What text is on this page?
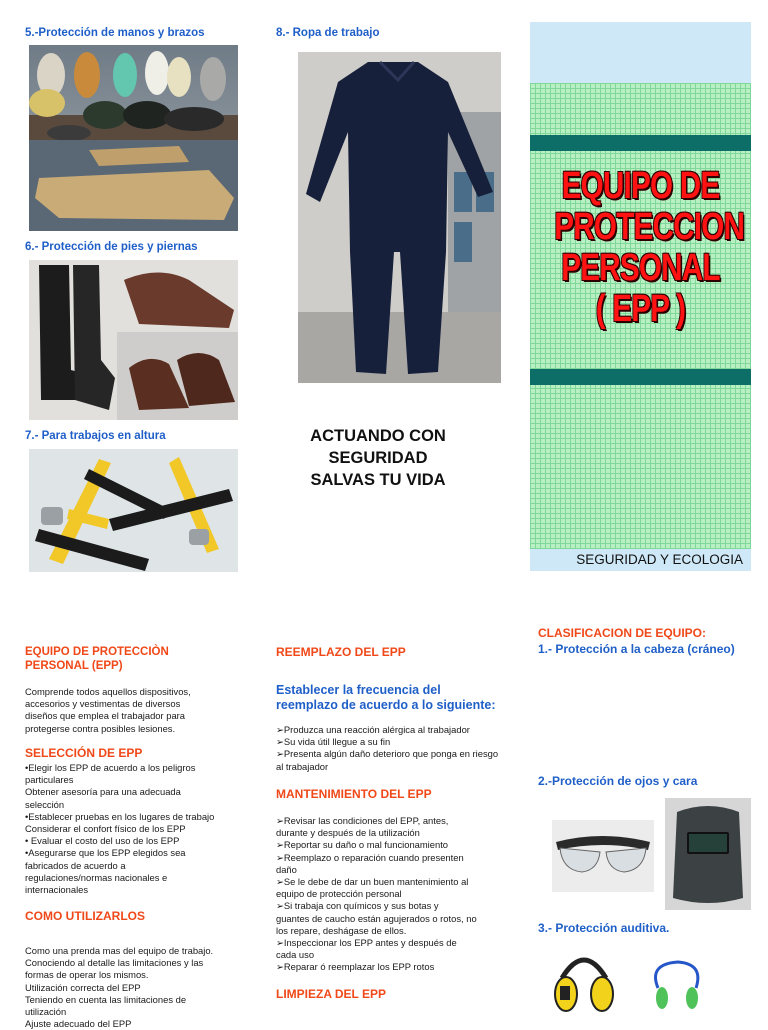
5.-Protección de manos y brazos
6.- Protección de pies y piernas
7.- Para trabajos en altura
8.- Ropa de trabajo
ACTUANDO CON
SEGURIDAD
SALVAS TU VIDA
EQUIPO DE
PROTECCION
PERSONAL
( EPP )
SEGURIDAD Y ECOLOGIA
EQUIPO DE PROTECCIÒN
PERSONAL (EPP)
Comprende todos aquellos dispositivos,
accesorios y vestimentas de diversos
diseños que emplea el trabajador para
protegerse contra posibles lesiones.
SELECCIÓN DE EPP
•Elegir los EPP de acuerdo a los peligros
particulares
Obtener asesoría para una adecuada
selección
•Establecer pruebas en los lugares de trabajo
Considerar el confort físico de los EPP
• Evaluar el costo del uso de los EPP
•Asegurarse que los EPP elegidos sea
fabricados de acuerdo a
regulaciones/normas nacionales e
internacionales
COMO UTILIZARLOS
Como una prenda mas del equipo de trabajo.
Conociendo al detalle las limitaciones y las
formas de operar los mismos.
Utilización correcta del EPP
Teniendo en cuenta las limitaciones de
utilización
Ajuste adecuado del EPP
REEMPLAZO DEL EPP
Establecer la frecuencia del
reemplazo de acuerdo a lo siguiente:
➢Produzca una reacción alérgica al trabajador
➢Su vida útil llegue a su fin
➢Presenta algún daño deterioro que ponga en riesgo
al trabajador
MANTENIMIENTO DEL EPP
➢Revisar las condiciones del EPP, antes,
durante y después de la utilización
➢Reportar su daño o mal funcionamiento
➢Reemplazo o reparación cuando presenten
daño
➢Se le debe de dar un buen mantenimiento al
equipo de protección personal
➢Si trabaja con químicos y sus botas y
guantes de caucho están agujerados o rotos, no
los repare, deshágase de ellos.
➢Inspeccionar los EPP antes y después de
cada uso
➢Reparar ó reemplazar los EPP rotos
LIMPIEZA DEL EPP
CLASIFICACION DE EQUIPO:
1.- Protección a la cabeza (cráneo)
2.-Protección de ojos y cara
3.- Protección auditiva.
